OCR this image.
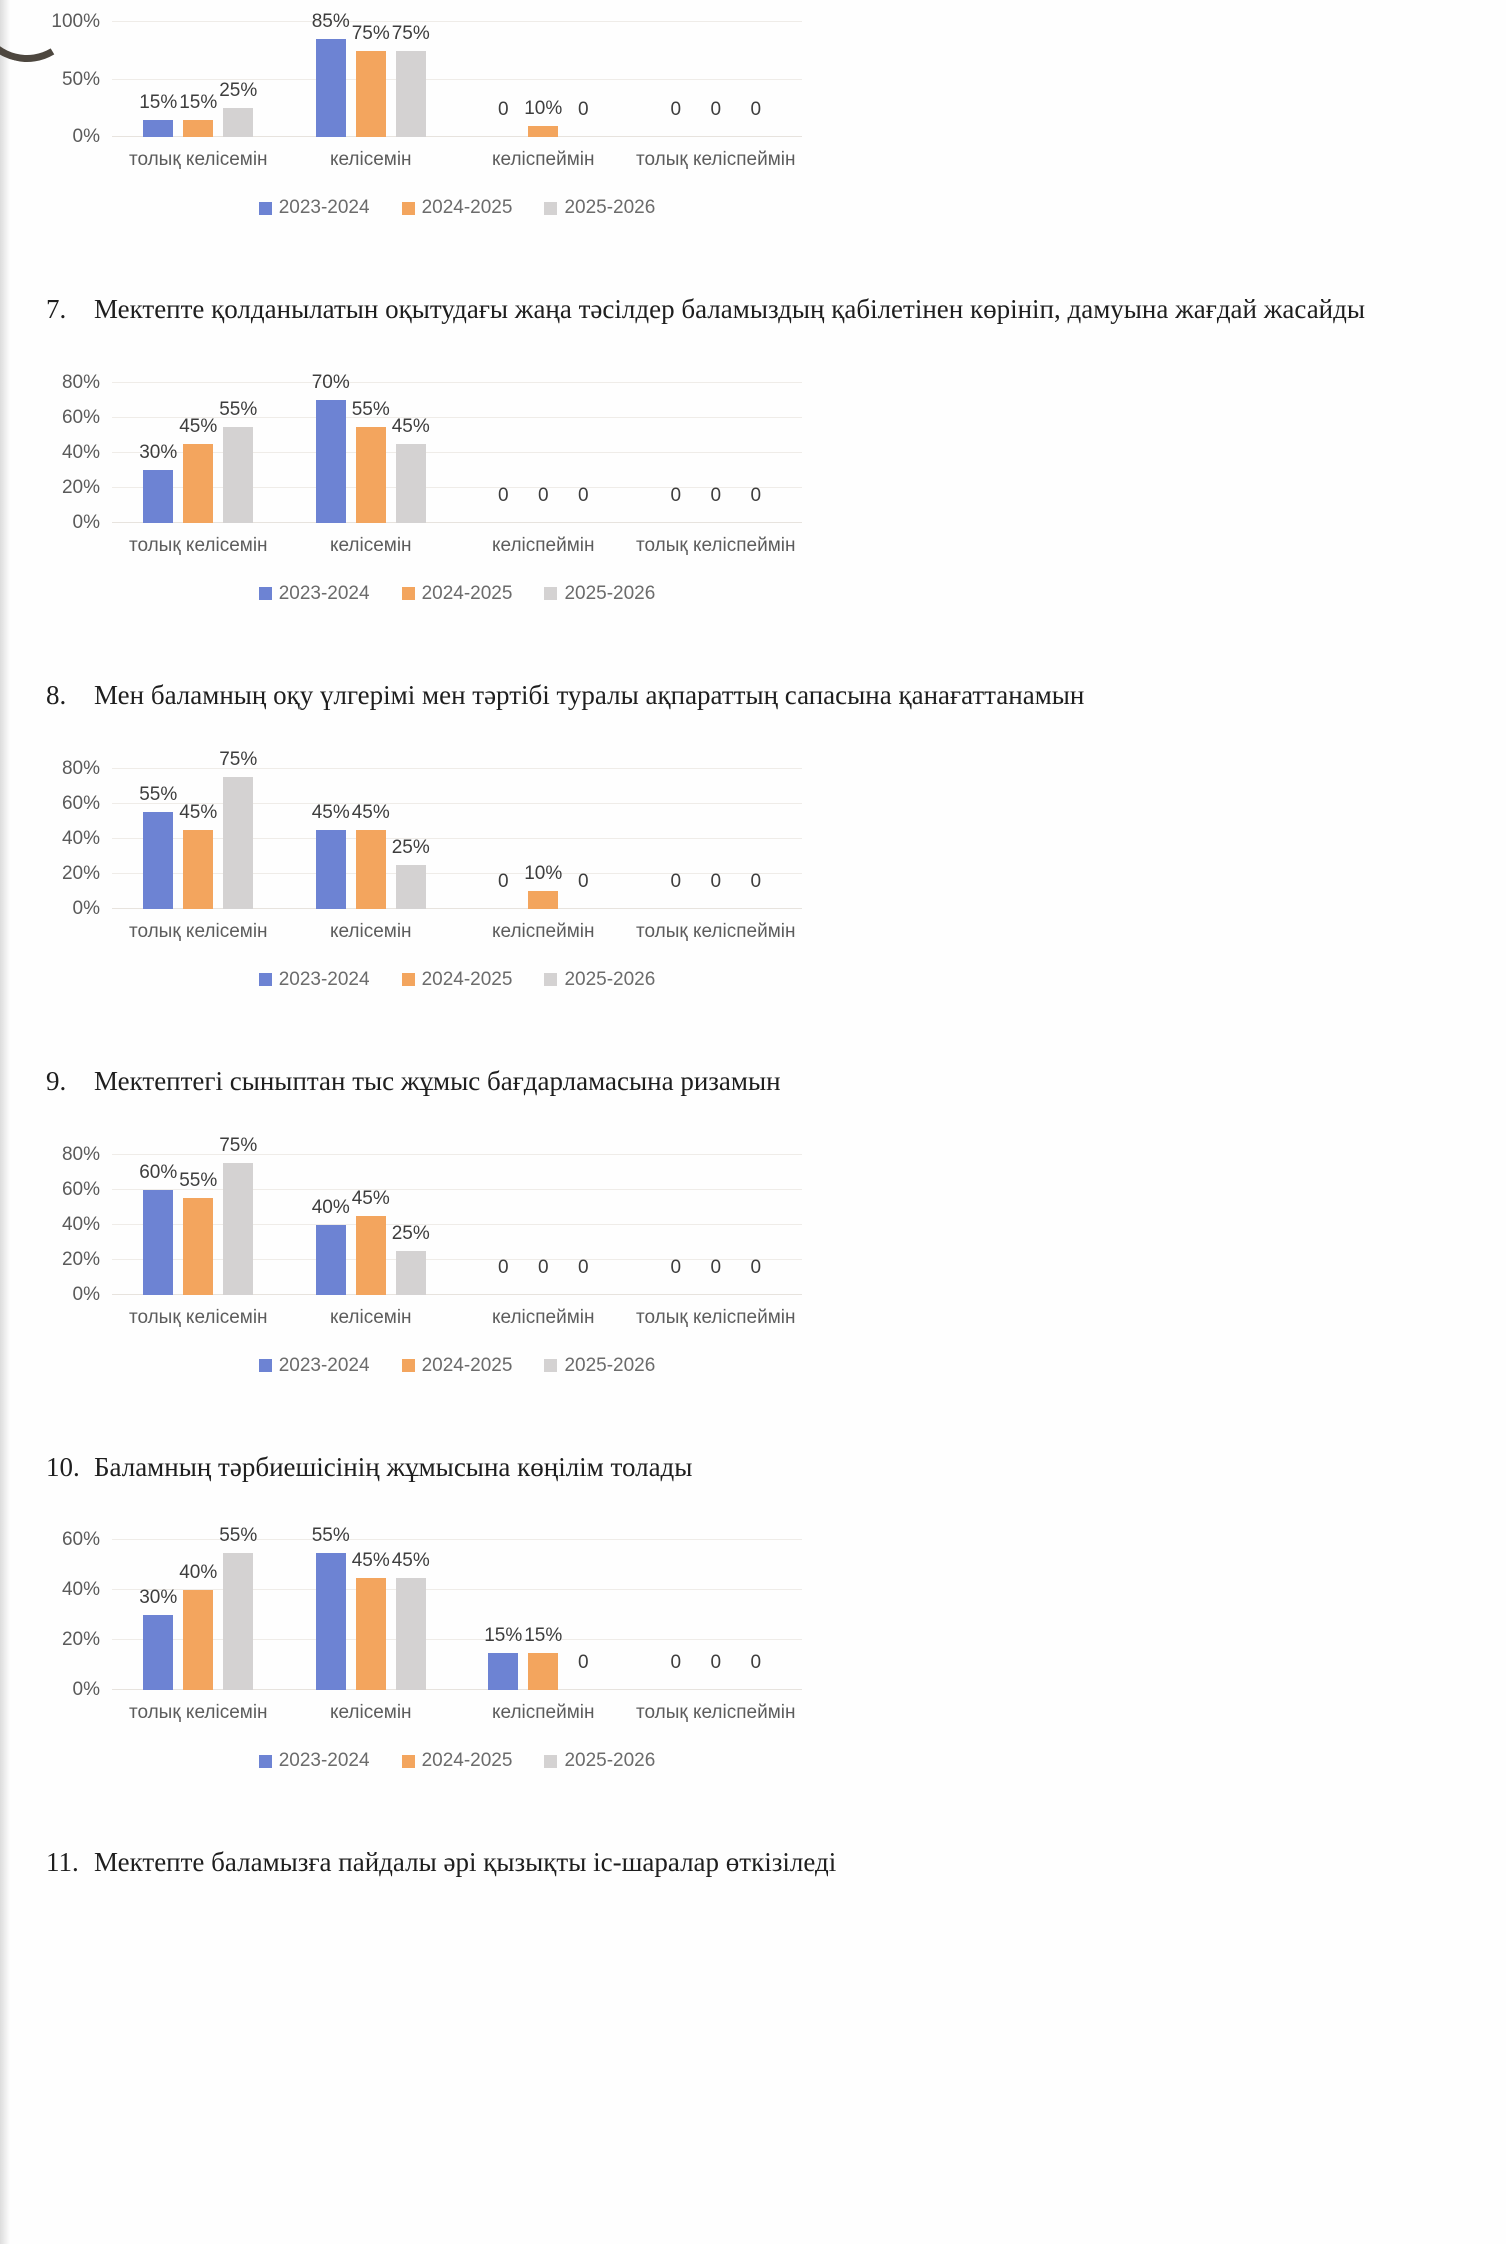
0%
50%
100%
15% 15%
25%
85%
75% 75%
0 10% 0	0 0 0
толық келісемін	келісемін	келіспеймін	толық келіспеймін
2023-2024	2024-2025	2025-2026
7.	Мектепте қолданылатын оқытудағы жаңа тәсілдер баламыздың қабілетінен көрініп, дамуына жағдай жасайды

0%
20%
40%
60%
80%
30%
45%
55%
70%
55%
45%
0 0 0	0 0 0
толық келісемін	келісемін	келіспеймін	толық келіспеймін
2023-2024	2024-2025	2025-2026
8.	Мен баламның оқу үлгерімі мен тәртібі туралы ақпараттың сапасына қанағаттанамын

0%
20%
40%
60%
80%
55%
45%
75%
45% 45%
25%
0 10% 0	0 0 0
толық келісемін	келісемін	келіспеймін	толық келіспеймін
2023-2024	2024-2025	2025-2026
9.	Мектептегі сыныптан тыс жұмыс бағдарламасына ризамын

0%
20%
40%
60%
80%
60% 55%
75%
40% 45%
25%
0 0 0	0 0 0
толық келісемін	келісемін	келіспеймін	толық келіспеймін
2023-2024	2024-2025	2025-2026
10. Баламның тәрбиешісінің жұмысына көңілім толады

0%
20%
40%
60%
30%
40%
55%	55%
45% 45%
15% 15%
0	0 0 0
толық келісемін	келісемін	келіспеймін	толық келіспеймін
2023-2024	2024-2025	2025-2026
11. Мектепте баламызға пайдалы әрі қызықты іс-шаралар өткізіледі
